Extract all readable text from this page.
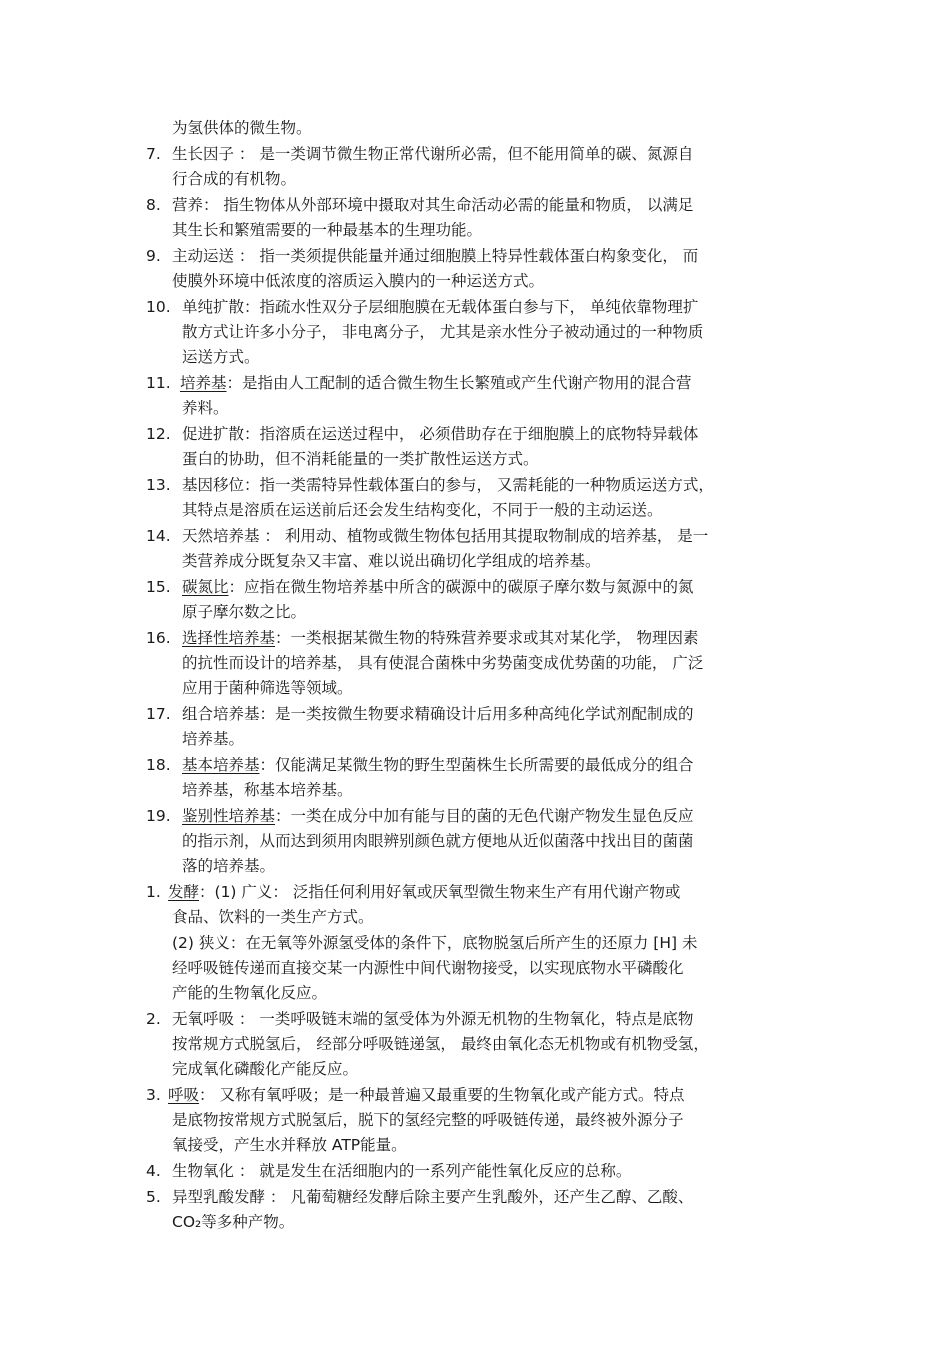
为氢供体的微生物。
7. 生长因子 ： 是一类调节微生物正常代谢所必需，但不能用简单的碳、氮源自
行合成的有机物。
8. 营养： 指生物体从外部环境中摄取对其生命活动必需的能量和物质， 以满足
其生长和繁殖需要的一种最基本的生理功能。
9. 主动运送 ： 指一类须提供能量并通过细胞膜上特异性载体蛋白构象变化， 而
使膜外环境中低浓度的溶质运入膜内的一种运送方式。
10. 单纯扩散：指疏水性双分子层细胞膜在无载体蛋白参与下， 单纯依靠物理扩
散方式让许多小分子， 非电离分子， 尤其是亲水性分子被动通过的一种物质
运送方式。
11. 培养基：是指由人工配制的适合微生物生长繁殖或产生代谢产物用的混合营
养料。
12. 促进扩散：指溶质在运送过程中， 必须借助存在于细胞膜上的底物特异载体
蛋白的协助，但不消耗能量的一类扩散性运送方式。
13. 基因移位：指一类需特异性载体蛋白的参与， 又需耗能的一种物质运送方式，
其特点是溶质在运送前后还会发生结构变化，不同于一般的主动运送。
14. 天然培养基 ： 利用动、植物或微生物体包括用其提取物制成的培养基， 是一
类营养成分既复杂又丰富、难以说出确切化学组成的培养基。
15. 碳氮比：应指在微生物培养基中所含的碳源中的碳原子摩尔数与氮源中的氮
原子摩尔数之比。
16. 选择性培养基：一类根据某微生物的特殊营养要求或其对某化学， 物理因素
的抗性而设计的培养基， 具有使混合菌株中劣势菌变成优势菌的功能， 广泛
应用于菌种筛选等领域。
17. 组合培养基：是一类按微生物要求精确设计后用多种高纯化学试剂配制成的
培养基。
18. 基本培养基：仅能满足某微生物的野生型菌株生长所需要的最低成分的组合
培养基，称基本培养基。
19. 鉴别性培养基：一类在成分中加有能与目的菌的无色代谢产物发生显色反应
的指示剂，从而达到须用肉眼辨别颜色就方便地从近似菌落中找出目的菌菌
落的培养基。
1. 发酵：(1) 广义： 泛指任何利用好氧或厌氧型微生物来生产有用代谢产物或
食品、饮料的一类生产方式。
(2) 狭义：在无氧等外源氢受体的条件下，底物脱氢后所产生的还原力 [H] 未
经呼吸链传递而直接交某一内源性中间代谢物接受，以实现底物水平磷酸化
产能的生物氧化反应。
2. 无氧呼吸 ： 一类呼吸链末端的氢受体为外源无机物的生物氧化，特点是底物
按常规方式脱氢后， 经部分呼吸链递氢， 最终由氧化态无机物或有机物受氢，
完成氧化磷酸化产能反应。
3. 呼吸： 又称有氧呼吸；是一种最普遍又最重要的生物氧化或产能方式。特点
是底物按常规方式脱氢后，脱下的氢经完整的呼吸链传递，最终被外源分子
氧接受，产生水并释放 ATP能量。
4. 生物氧化 ： 就是发生在活细胞内的一系列产能性氧化反应的总称。
5. 异型乳酸发酵 ： 凡葡萄糖经发酵后除主要产生乳酸外，还产生乙醇、乙酸、
CO₂等多种产物。
